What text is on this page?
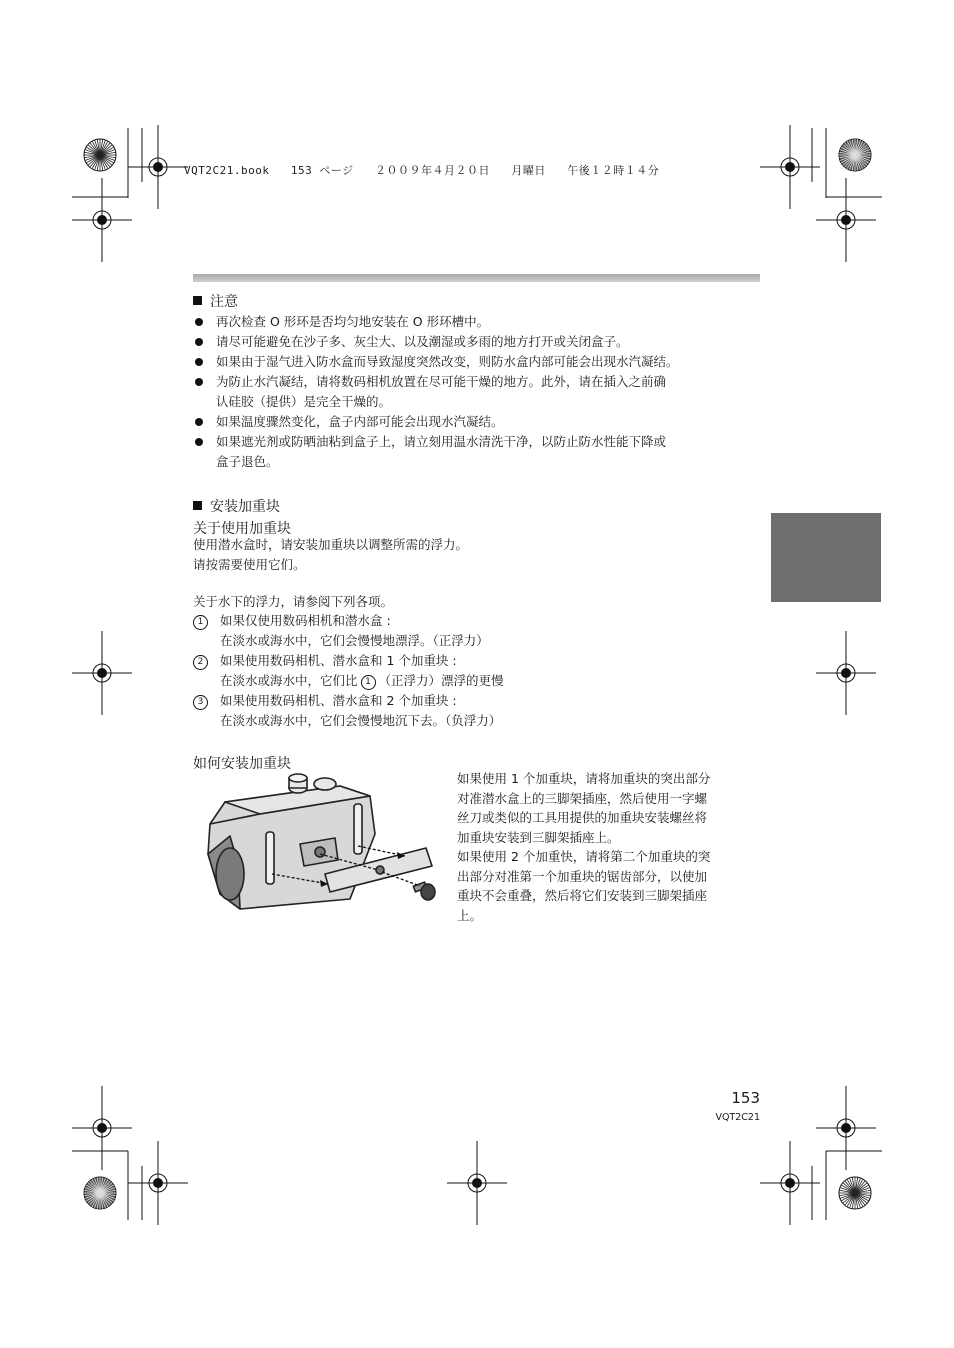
VQT2C21.book 153 ページ ２００９年４月２０日 月曜日 午後１２時１４分
注意
再次检查 O 形环是否均匀地安装在 O 形环槽中。
请尽可能避免在沙子多、灰尘大、以及潮湿或多雨的地方打开或关闭盒子。
如果由于湿气进入防水盒而导致湿度突然改变，则防水盒内部可能会出现水汽凝结。
为防止水汽凝结，请将数码相机放置在尽可能干燥的地方。此外，请在插入之前确
认硅胶（提供）是完全干燥的。
如果温度骤然变化，盒子内部可能会出现水汽凝结。
如果遮光剂或防晒油粘到盒子上，请立刻用温水清洗干净，以防止防水性能下降或
盒子退色。
安装加重块
关于使用加重块
使用潜水盒时，请安装加重块以调整所需的浮力。
请按需要使用它们。
关于水下的浮力，请参阅下列各项。
1 如果仅使用数码相机和潜水盒 :
在淡水或海水中，它们会慢慢地漂浮。（正浮力）
2 如果使用数码相机、潜水盒和 1 个加重块 :
在淡水或海水中，它们比 1 （正浮力）漂浮的更慢
3 如果使用数码相机、潜水盒和 2 个加重块 :
在淡水或海水中，它们会慢慢地沉下去。（负浮力）
如何安装加重块
如果使用 1 个加重块，请将加重块的突出部分
对准潜水盒上的三脚架插座，然后使用一字螺
丝刀或类似的工具用提供的加重块安装螺丝将
加重块安装到三脚架插座上。
如果使用 2 个加重快，请将第二个加重块的突
出部分对准第一个加重块的锯齿部分，以使加
重块不会重叠，然后将它们安装到三脚架插座
上。
153
VQT2C21
